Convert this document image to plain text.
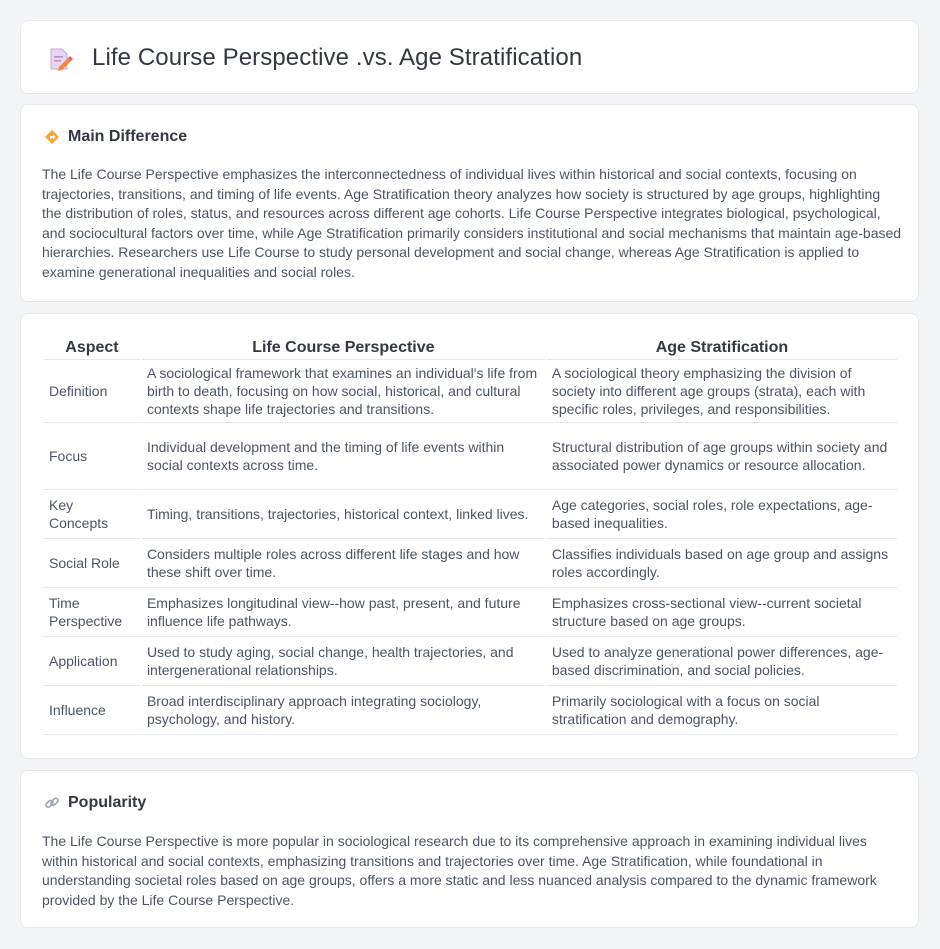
Life Course Perspective .vs. Age Stratification
Main Difference

The Life Course Perspective emphasizes the interconnectedness of individual lives within historical and social contexts, focusing on trajectories, transitions, and timing of life events. Age Stratification theory analyzes how society is structured by age groups, highlighting the distribution of roles, status, and resources across different age cohorts. Life Course Perspective integrates biological, psychological, and sociocultural factors over time, while Age Stratification primarily considers institutional and social mechanisms that maintain age-based hierarchies. Researchers use Life Course to study personal development and social change, whereas Age Stratification is applied to examine generational inequalities and social roles.

Aspect	Life Course Perspective	Age Stratification
Definition	A sociological framework that examines an individual's life from birth to death, focusing on how social, historical, and cultural contexts shape life trajectories and transitions.	A sociological theory emphasizing the division of society into different age groups (strata), each with specific roles, privileges, and responsibilities.
Focus	Individual development and the timing of life events within social contexts across time.	Structural distribution of age groups within society and associated power dynamics or resource allocation.
Key Concepts	Timing, transitions, trajectories, historical context, linked lives.	Age categories, social roles, role expectations, age-based inequalities.
Social Role	Considers multiple roles across different life stages and how these shift over time.	Classifies individuals based on age group and assigns roles accordingly.
Time Perspective	Emphasizes longitudinal view--how past, present, and future influence life pathways.	Emphasizes cross-sectional view--current societal structure based on age groups.
Application	Used to study aging, social change, health trajectories, and intergenerational relationships.	Used to analyze generational power differences, age-based discrimination, and social policies.
Influence	Broad interdisciplinary approach integrating sociology, psychology, and history.	Primarily sociological with a focus on social stratification and demography.
Popularity

The Life Course Perspective is more popular in sociological research due to its comprehensive approach in examining individual lives within historical and social contexts, emphasizing transitions and trajectories over time. Age Stratification, while foundational in understanding societal roles based on age groups, offers a more static and less nuanced analysis compared to the dynamic framework provided by the Life Course Perspective.
